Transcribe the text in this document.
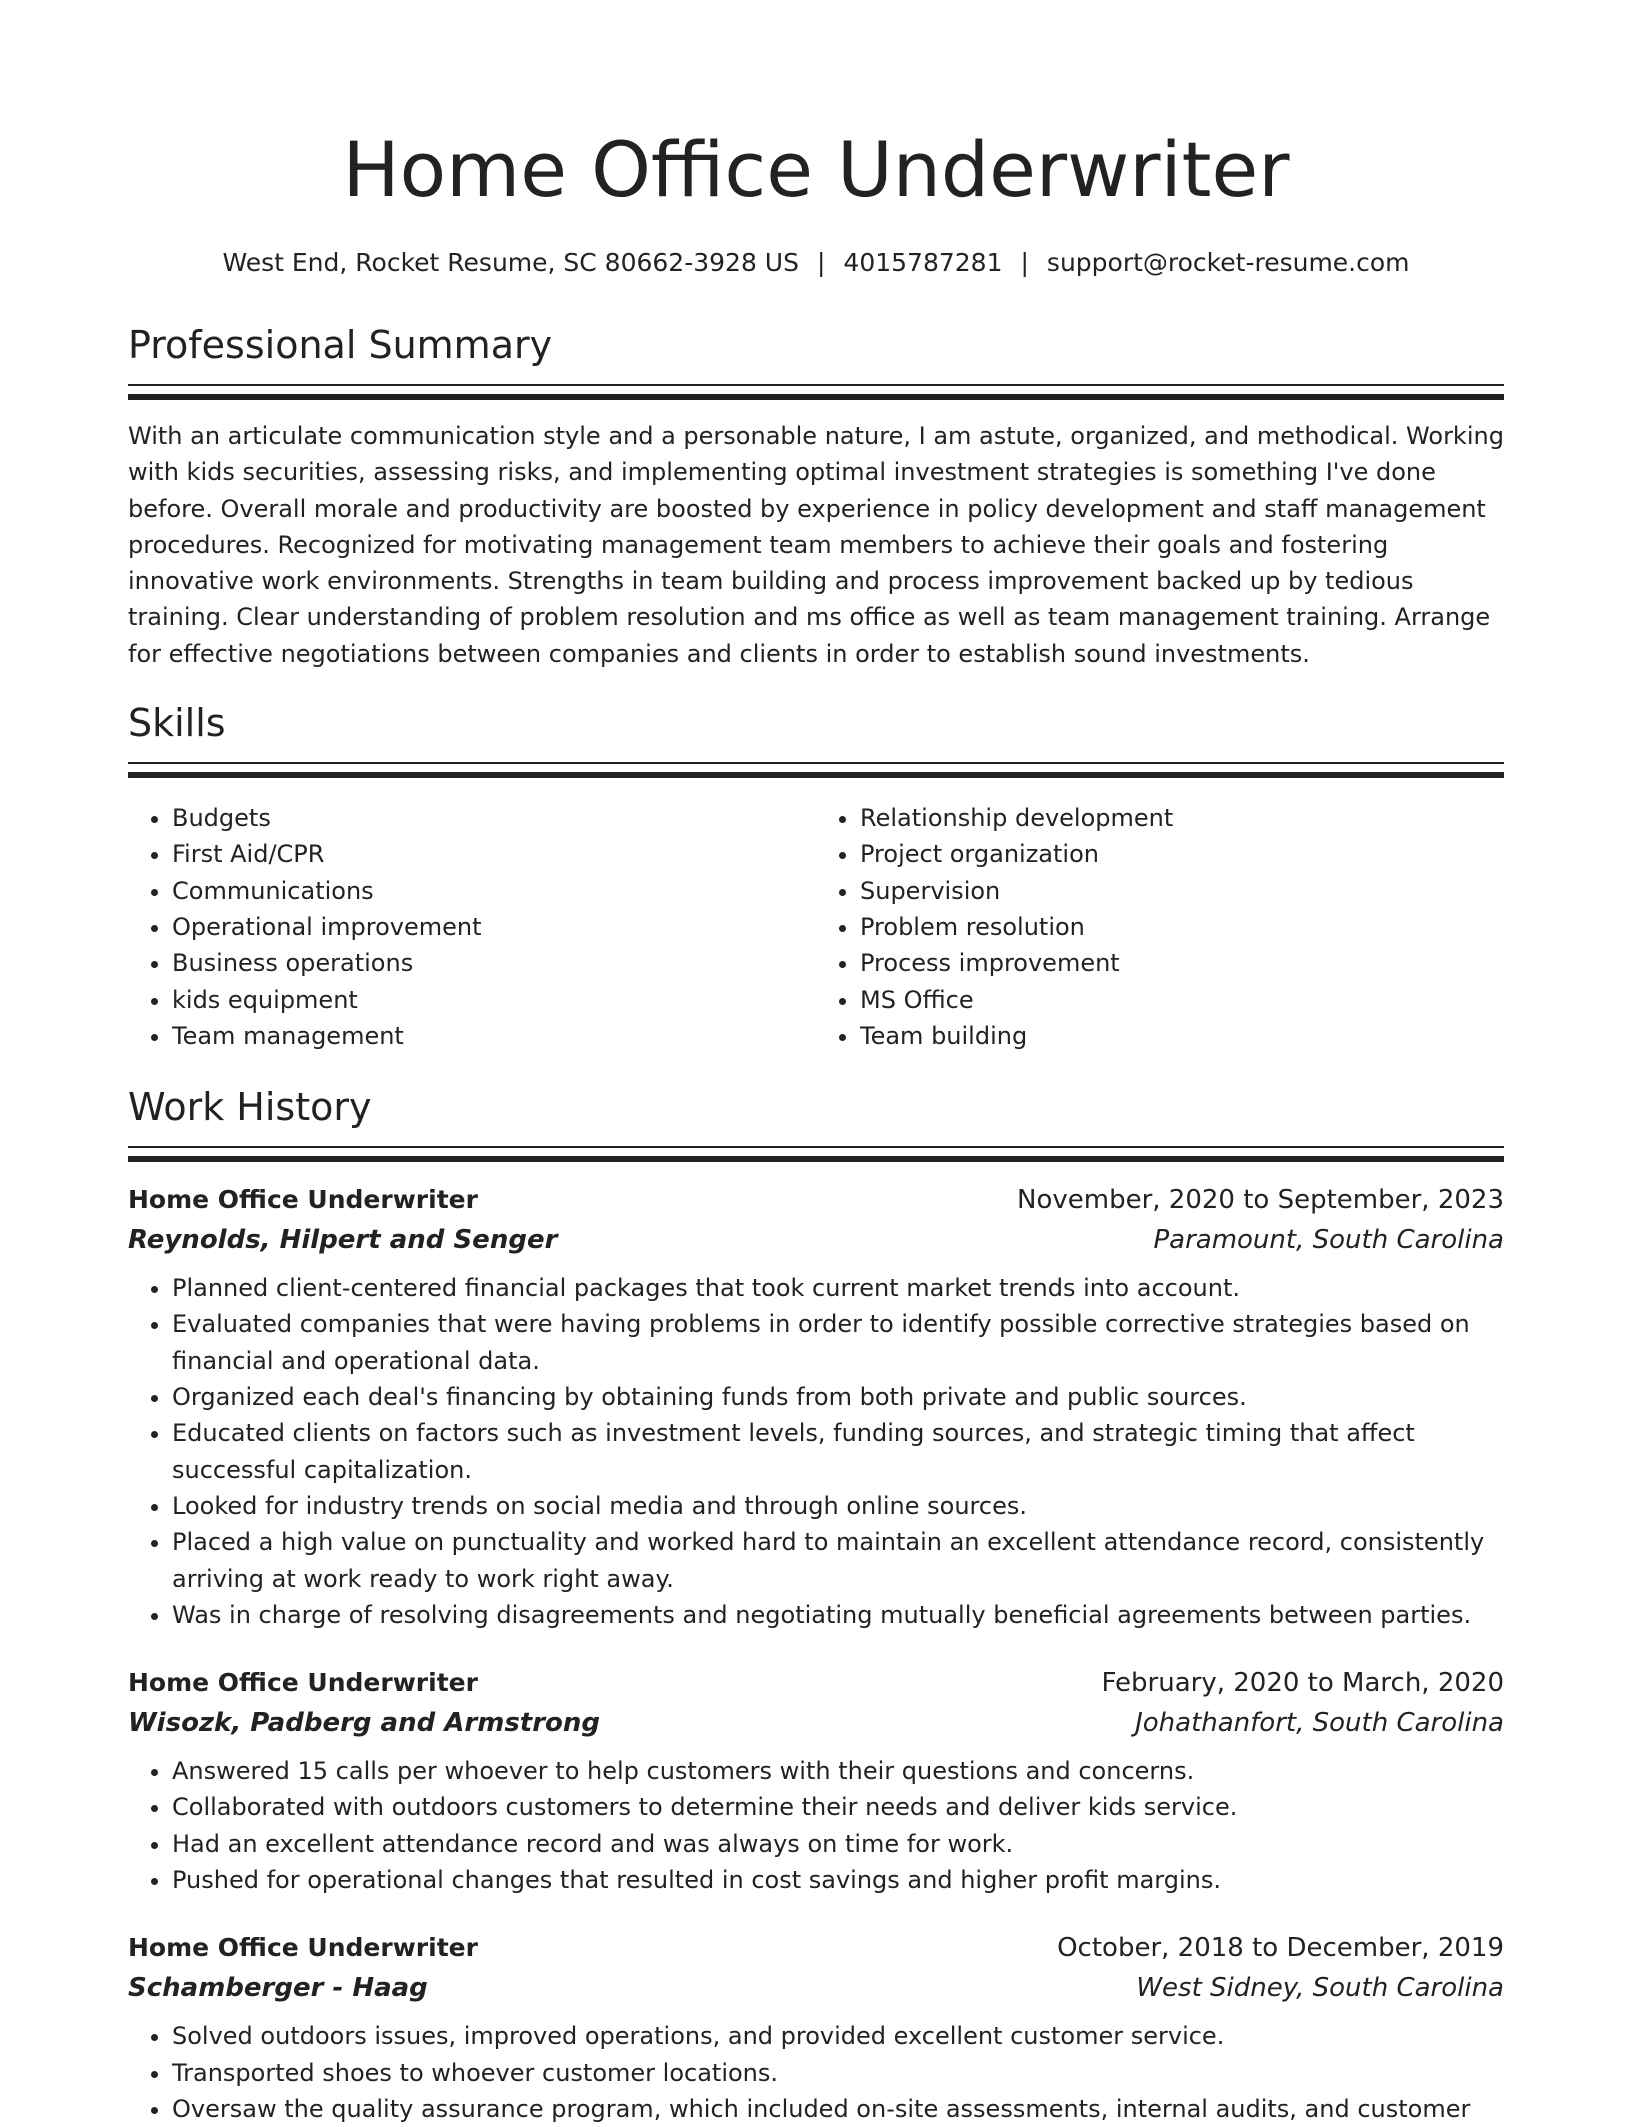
Home Office Underwriter
West End, Rocket Resume, SC 80662-3928 US | 4015787281 | support@rocket-resume.com
Professional Summary
With an articulate communication style and a personable nature, I am astute, organized, and methodical. Working with kids securities, assessing risks, and implementing optimal investment strategies is something I've done before. Overall morale and productivity are boosted by experience in policy development and staff management procedures. Recognized for motivating management team members to achieve their goals and fostering innovative work environments. Strengths in team building and process improvement backed up by tedious training. Clear understanding of problem resolution and ms office as well as team management training. Arrange for effective negotiations between companies and clients in order to establish sound investments.
Skills
• Budgets
• First Aid/CPR
• Communications
• Operational improvement
• Business operations
• kids equipment
• Team management
• Relationship development
• Project organization
• Supervision
• Problem resolution
• Process improvement
• MS Office
• Team building
Work History
Home Office Underwriter	November, 2020 to September, 2023
Reynolds, Hilpert and Senger	Paramount, South Carolina
• Planned client-centered financial packages that took current market trends into account.
• Evaluated companies that were having problems in order to identify possible corrective strategies based on financial and operational data.
• Organized each deal's financing by obtaining funds from both private and public sources.
• Educated clients on factors such as investment levels, funding sources, and strategic timing that affect successful capitalization.
• Looked for industry trends on social media and through online sources.
• Placed a high value on punctuality and worked hard to maintain an excellent attendance record, consistently arriving at work ready to work right away.
• Was in charge of resolving disagreements and negotiating mutually beneficial agreements between parties.
Home Office Underwriter	February, 2020 to March, 2020
Wisozk, Padberg and Armstrong	Johathanfort, South Carolina
• Answered 15 calls per whoever to help customers with their questions and concerns.
• Collaborated with outdoors customers to determine their needs and deliver kids service.
• Had an excellent attendance record and was always on time for work.
• Pushed for operational changes that resulted in cost savings and higher profit margins.
Home Office Underwriter	October, 2018 to December, 2019
Schamberger - Haag	West Sidney, South Carolina
• Solved outdoors issues, improved operations, and provided excellent customer service.
• Transported shoes to whoever customer locations.
• Oversaw the quality assurance program, which included on-site assessments, internal audits, and customer
